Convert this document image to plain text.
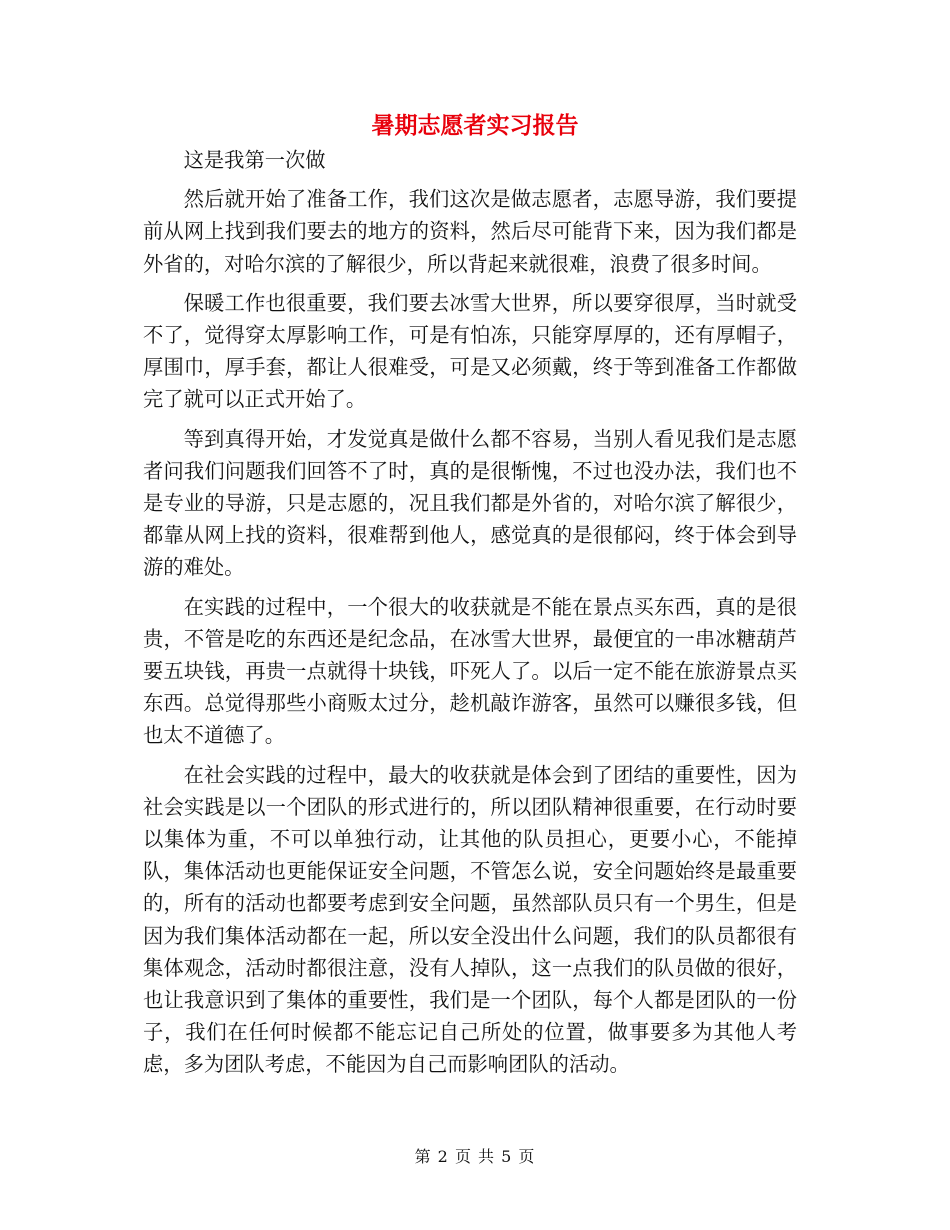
暑期志愿者实习报告

这是我第一次做

然后就开始了准备工作，我们这次是做志愿者，志愿导游，我们要提前从网上找到我们要去的地方的资料，然后尽可能背下来，因为我们都是外省的，对哈尔滨的了解很少，所以背起来就很难，浪费了很多时间。

保暖工作也很重要，我们要去冰雪大世界，所以要穿很厚，当时就受不了，觉得穿太厚影响工作，可是有怕冻，只能穿厚厚的，还有厚帽子，厚围巾，厚手套，都让人很难受，可是又必须戴，终于等到准备工作都做完了就可以正式开始了。

等到真得开始，才发觉真是做什么都不容易，当别人看见我们是志愿者问我们问题我们回答不了时，真的是很惭愧，不过也没办法，我们也不是专业的导游，只是志愿的，况且我们都是外省的，对哈尔滨了解很少，都靠从网上找的资料，很难帮到他人，感觉真的是很郁闷，终于体会到导游的难处。

在实践的过程中，一个很大的收获就是不能在景点买东西，真的是很贵，不管是吃的东西还是纪念品，在冰雪大世界，最便宜的一串冰糖葫芦要五块钱，再贵一点就得十块钱，吓死人了。以后一定不能在旅游景点买东西。总觉得那些小商贩太过分，趁机敲诈游客，虽然可以赚很多钱，但也太不道德了。

在社会实践的过程中，最大的收获就是体会到了团结的重要性，因为社会实践是以一个团队的形式进行的，所以团队精神很重要，在行动时要以集体为重，不可以单独行动，让其他的队员担心，更要小心，不能掉队，集体活动也更能保证安全问题，不管怎么说，安全问题始终是最重要的，所有的活动也都要考虑到安全问题，虽然部队员只有一个男生，但是因为我们集体活动都在一起，所以安全没出什么问题，我们的队员都很有集体观念，活动时都很注意，没有人掉队，这一点我们的队员做的很好，也让我意识到了集体的重要性，我们是一个团队，每个人都是团队的一份子，我们在任何时候都不能忘记自己所处的位置，做事要多为其他人考虑，多为团队考虑，不能因为自己而影响团队的活动。

第 2 页 共 5 页
